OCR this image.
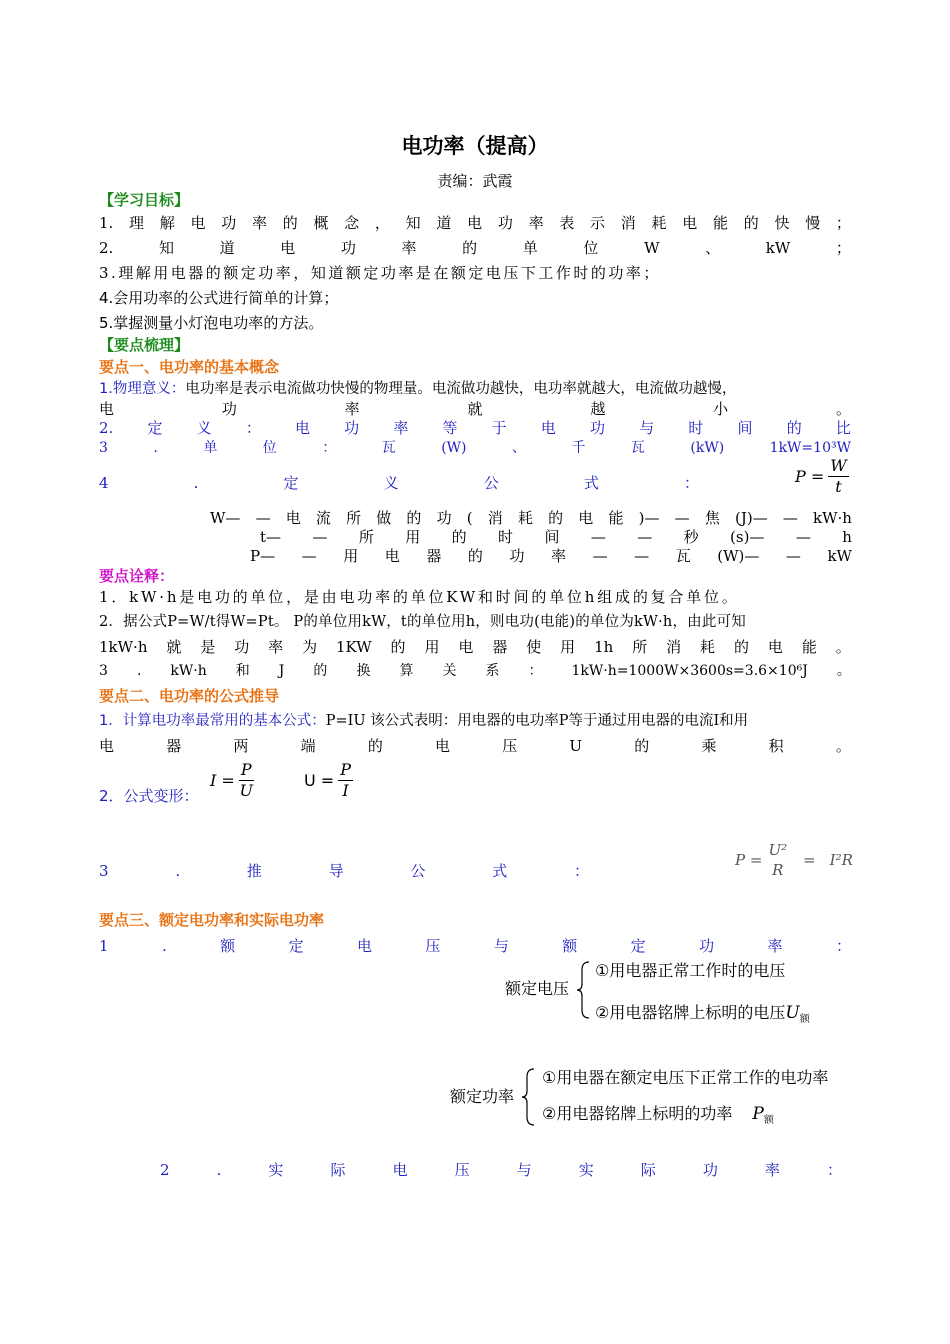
电功率（提高）
责编：武霞
【学习目标】
1. 理 解 电 功 率 的 概 念 ， 知 道 电 功 率 表 示 消 耗 电 能 的 快 慢 ；
2.	知	道	电	功	率	的	单	位	W	、	kW	；
3.理解用电器的额定功率，知道额定功率是在额定电压下工作时的功率；
4.会用功率的公式进行简单的计算；
5.掌握测量小灯泡电功率的方法。
【要点梳理】
要点一、电功率的基本概念
1.物理意义：电功率是表示电流做功快慢的物理量。电流做功越快，电功率就越大，电流做功越慢，
电	功	率	就	越	小	。
2. 定 义 ： 电 功 率 等 于 电 功 与 时 间 的 比
3	.	单	位	：	瓦	(W)	、	千	瓦	(kW)	1kW=10³W
4	.	定	义	公	式	：	$P = \frac{W}{t}$
W— — 电 流 所 做 的 功 ( 消 耗 的 电 能 )— — 焦 (J)— — kW·h
t— — 所 用 的 时 间 — — 秒 (s)— — h
P— — 用 电 器 的 功 率 — — 瓦 (W)— — kW
要点诠释：
1．kW·h是电功的单位，是由电功率的单位KW和时间的单位h组成的复合单位。
2．据公式P=W/t得W=Pt。 P的单位用kW，t的单位用h，则电功(电能)的单位为kW·h，由此可知
1kW·h 就 是 功 率 为 1KW 的 用 电 器 使 用 1h 所 消 耗 的 电 能 。
3 . kW·h 和 J 的 换 算 关 系 ： 1kW·h=1000W×3600s=3.6×10⁶J 。
要点二、电功率的公式推导
1．计算电功率最常用的基本公式：P=IU 该公式表明：用电器的电功率P等于通过用电器的电流I和用
电	器	两	端	的	电	压	U	的	乘	积	。
2．公式变形：
$I = \frac{P}{U}$	$U = \frac{P}{I}$
3	.	推	导	公	式	：
P =
U²
R
= I²R
要点三、额定电功率和实际电功率
1	.	额	定	电	压	与	额	定	功	率	：
额定电压
①用电器正常工作时的电压
②用电器铭牌上标明的电压$U_额$
额定功率
①用电器在额定电压下正常工作的电功率
②用电器铭牌上标明的功率 $P_额$
2	.	实	际	电	压	与	实	际	功	率	：
